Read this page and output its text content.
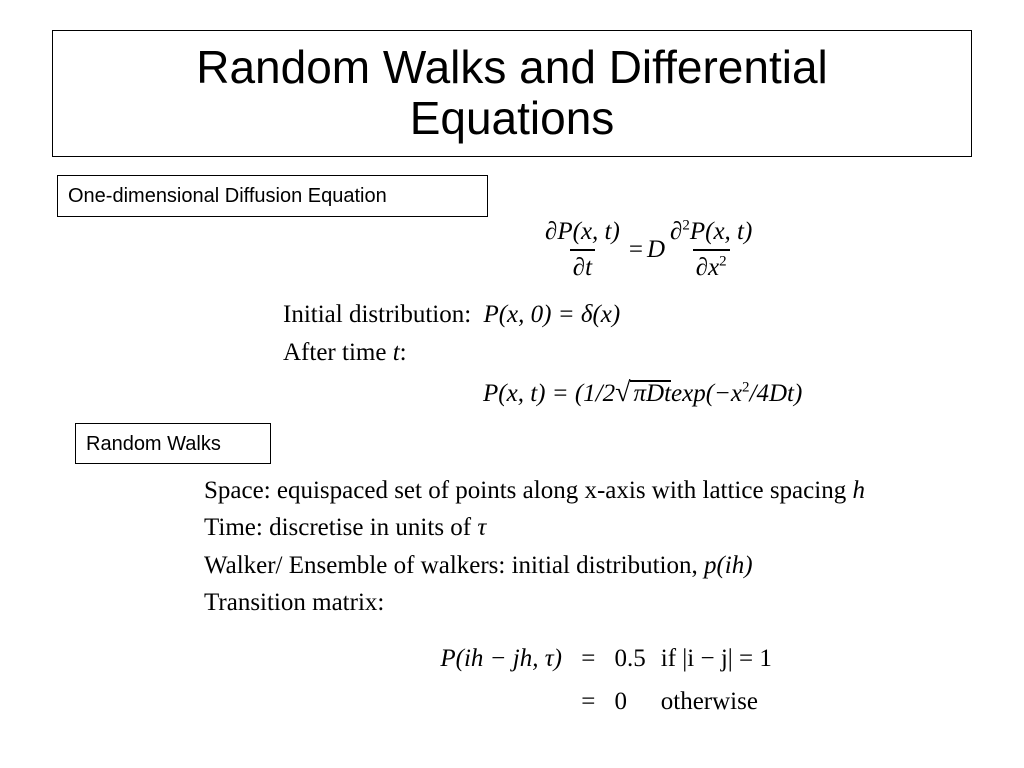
Random Walks and Differential
Equations
One-dimensional Diffusion Equation
$\frac{\partial P(x, t)}{\partial t} = D \frac{\partial^2P(x, t)}{\partial x^2}$
Initial distribution: P(x, 0) = δ(x)
After time t:
P(x, t) = (1/2√ $\pi Dtexp(-x^2/4Dt)$
Random Walks
Space: equispaced set of points along x-axis with lattice spacing h
Time: discretise in units of τ
Walker/ Ensemble of walkers: initial distribution, p(ih)
Transition matrix:
P(ih − jh, τ) = 0.5 if |i − j| = 1
= 0 otherwise
